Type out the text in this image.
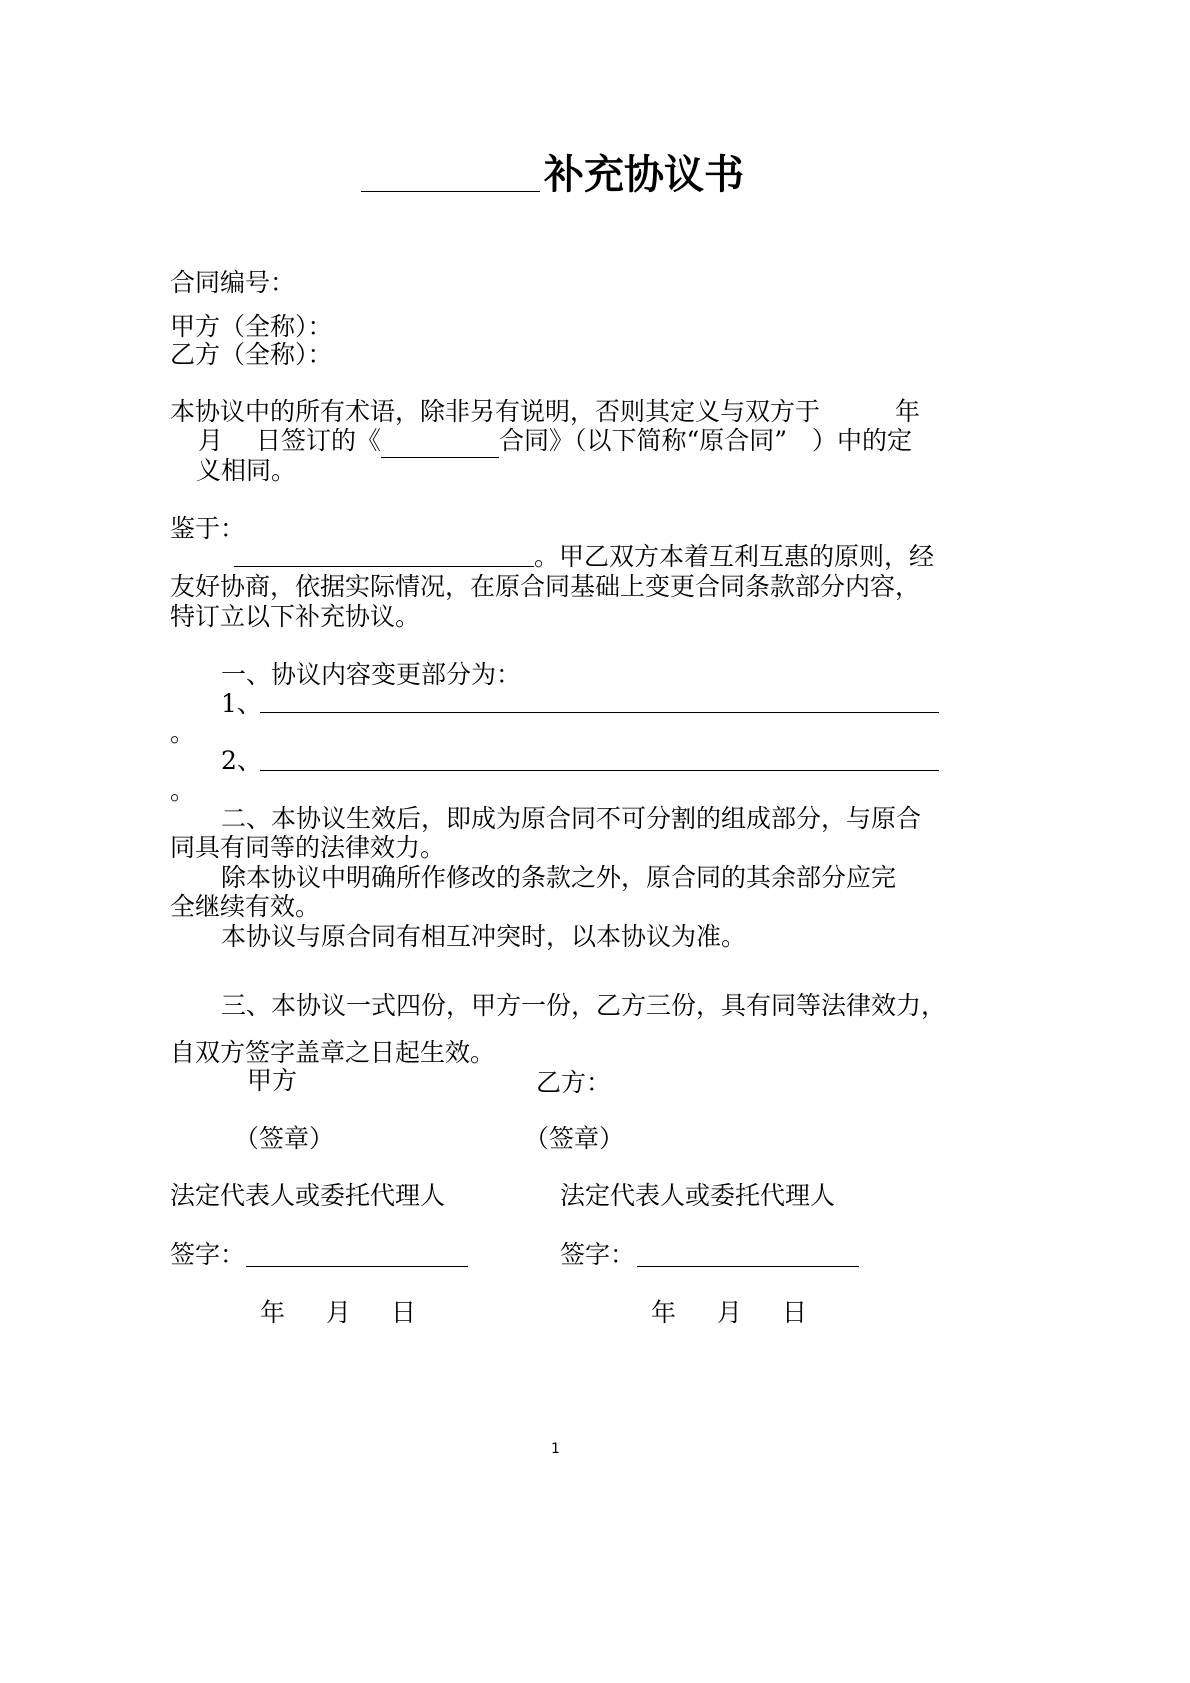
补充协议书
合同编号：
甲方（全称）：
乙方（全称）：
本协议中的所有术语，除非另有说明，否则其定义与双方于　　　年
月　 日签订的《	合同》（以下简称“原合同”　）中的定
义相同。
鉴于：
。甲乙双方本着互利互惠的原则，经
友好协商，依据实际情况，在原合同基础上变更合同条款部分内容，
特订立以下补充协议。
一、协议内容变更部分为：
1、
。
2、
。
二、本协议生效后，即成为原合同不可分割的组成部分，与原合
同具有同等的法律效力。
除本协议中明确所作修改的条款之外，原合同的其余部分应完
全继续有效。
本协议与原合同有相互冲突时，以本协议为准。
三、本协议一式四份，甲方一份，乙方三份，具有同等法律效力，
自双方签字盖章之日起生效。
甲方	乙方：
（签章）	（签章）
法定代表人或委托代理人	法定代表人或委托代理人
签字：	签字：
年 月 日	年 月 日
1
